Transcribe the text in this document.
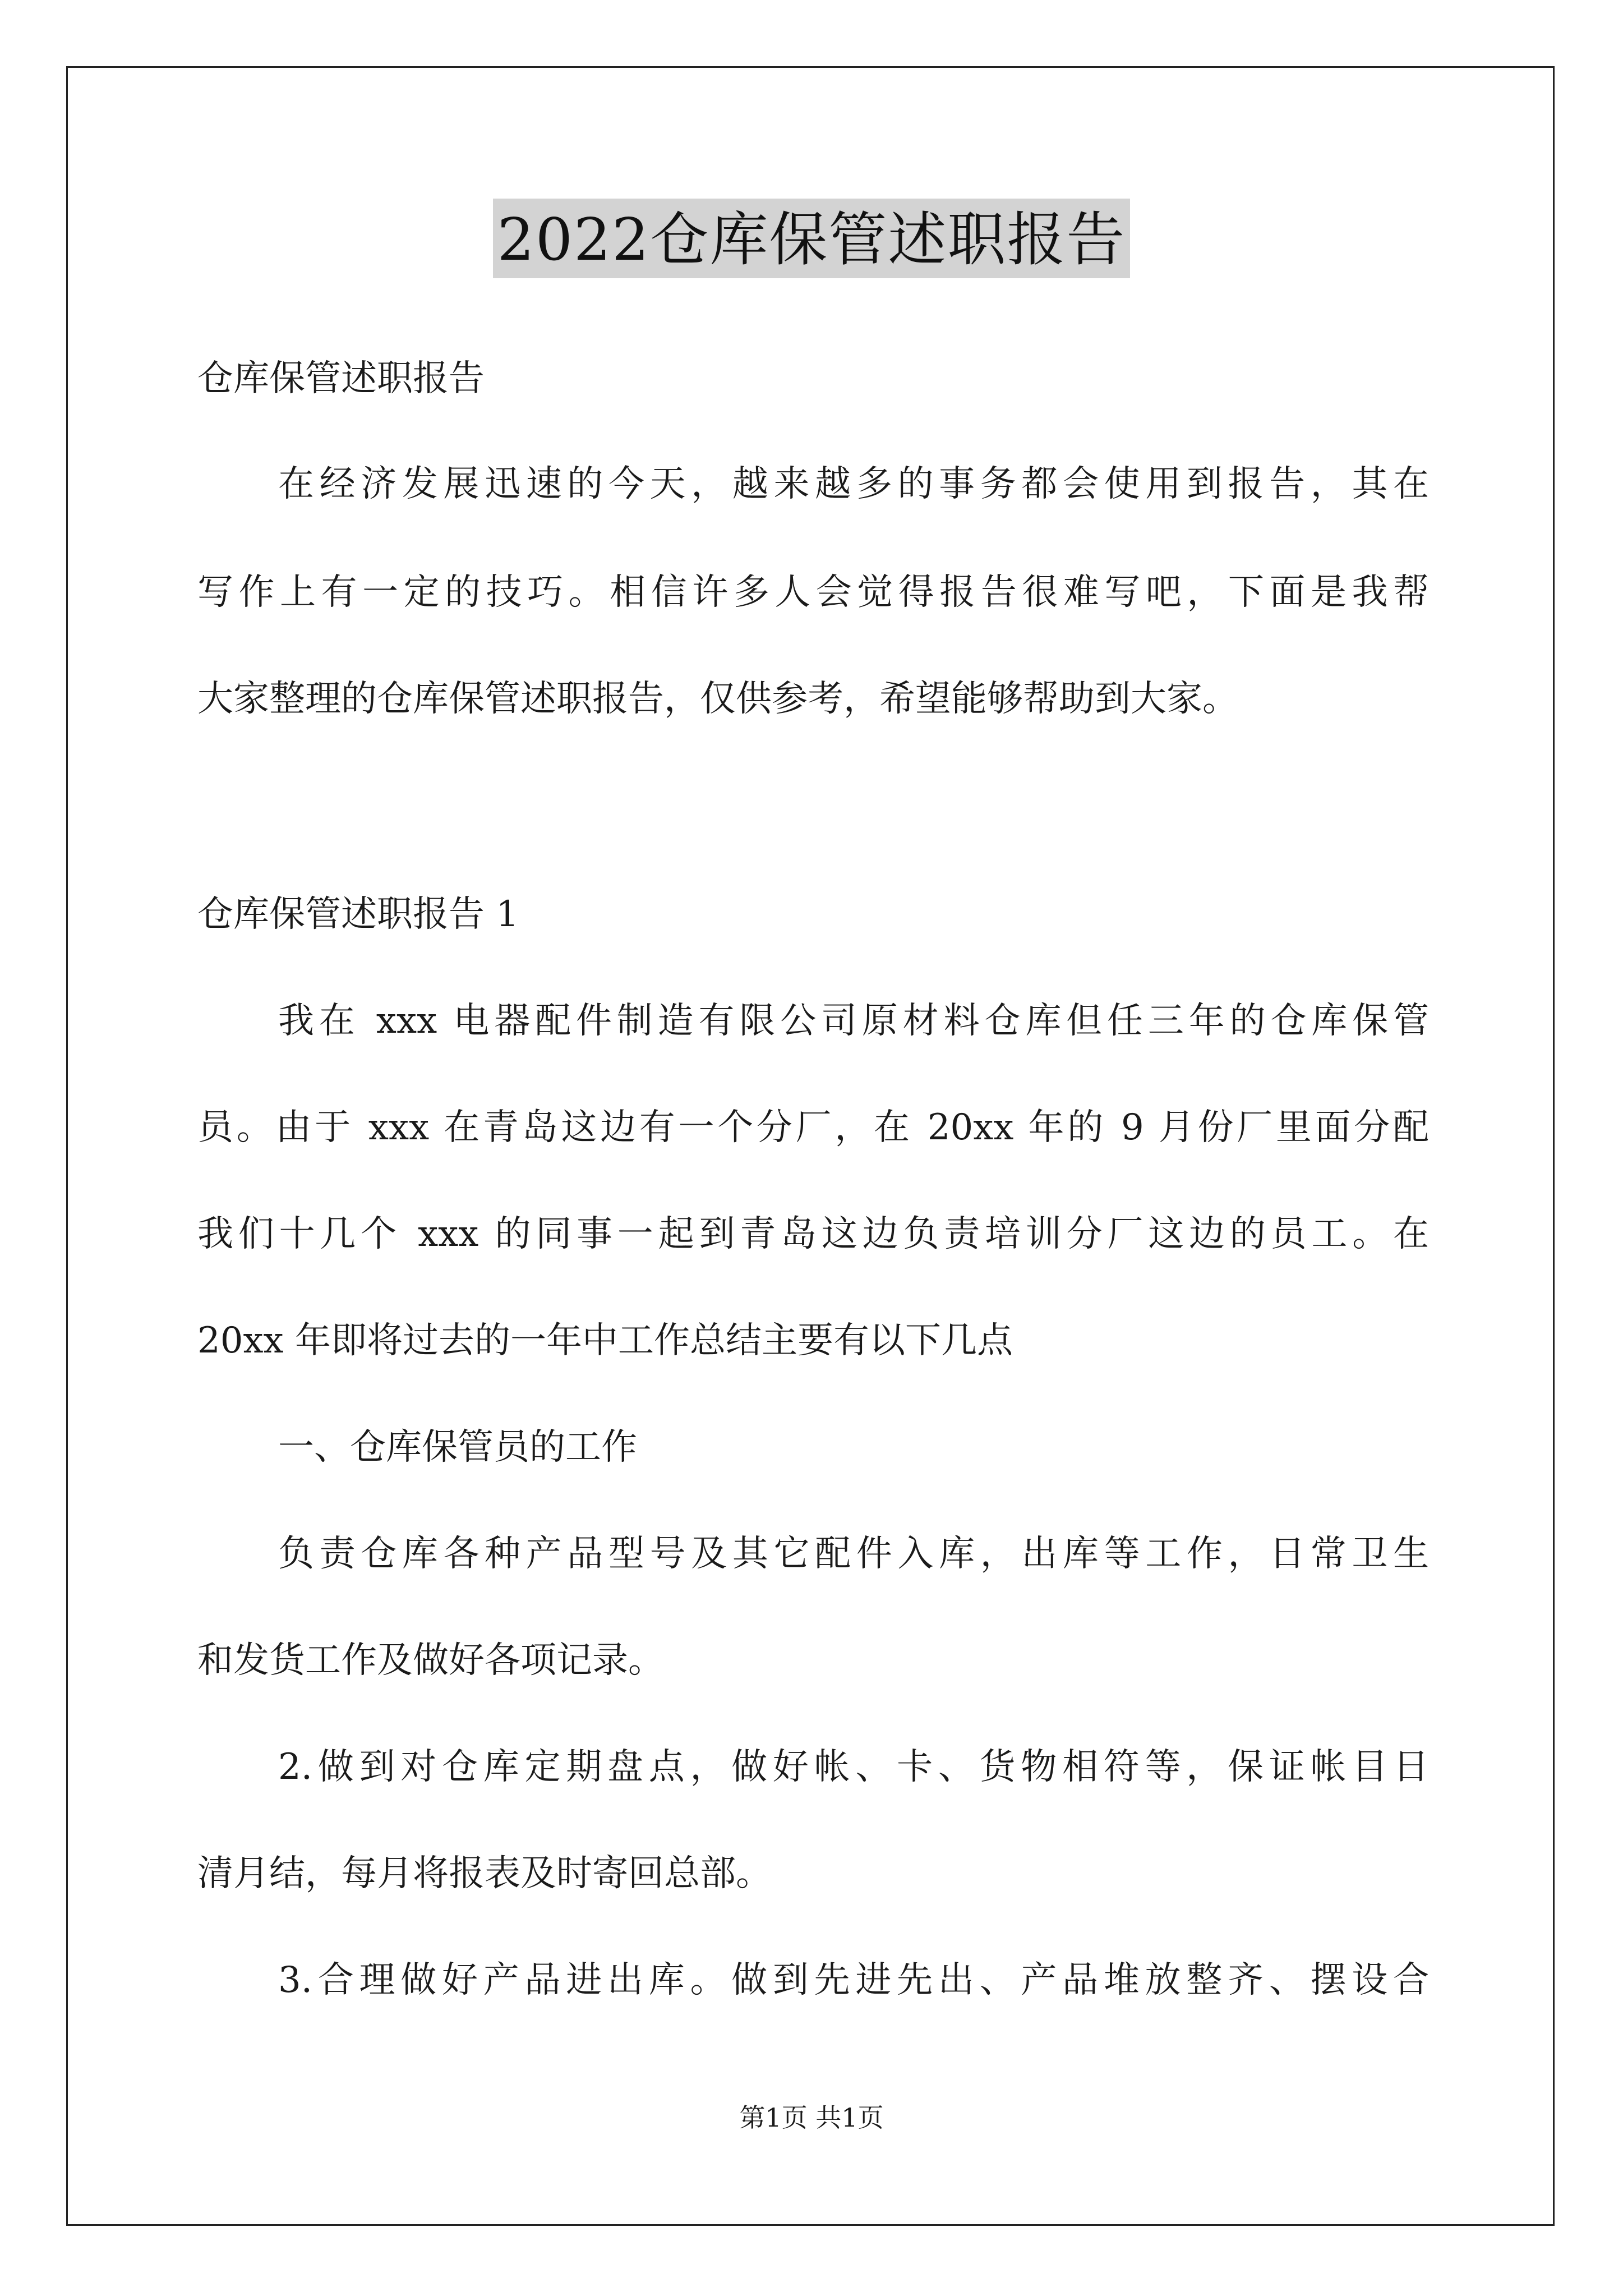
2022仓库保管述职报告
仓库保管述职报告
在经济发展迅速的今天，越来越多的事务都会使用到报告，其在
写作上有一定的技巧。相信许多人会觉得报告很难写吧，下面是我帮
大家整理的仓库保管述职报告，仅供参考，希望能够帮助到大家。
仓库保管述职报告 1
我在 xxx 电器配件制造有限公司原材料仓库但任三年的仓库保管
员。由于 xxx 在青岛这边有一个分厂，在 20xx 年的 9 月份厂里面分配
我们十几个 xxx 的同事一起到青岛这边负责培训分厂这边的员工。在
20xx 年即将过去的一年中工作总结主要有以下几点
一、仓库保管员的工作
负责仓库各种产品型号及其它配件入库，出库等工作，日常卫生
和发货工作及做好各项记录。
2.做到对仓库定期盘点，做好帐、卡、货物相符等，保证帐目日
清月结，每月将报表及时寄回总部。
3.合理做好产品进出库。做到先进先出、产品堆放整齐、摆设合
第1页 共1页
